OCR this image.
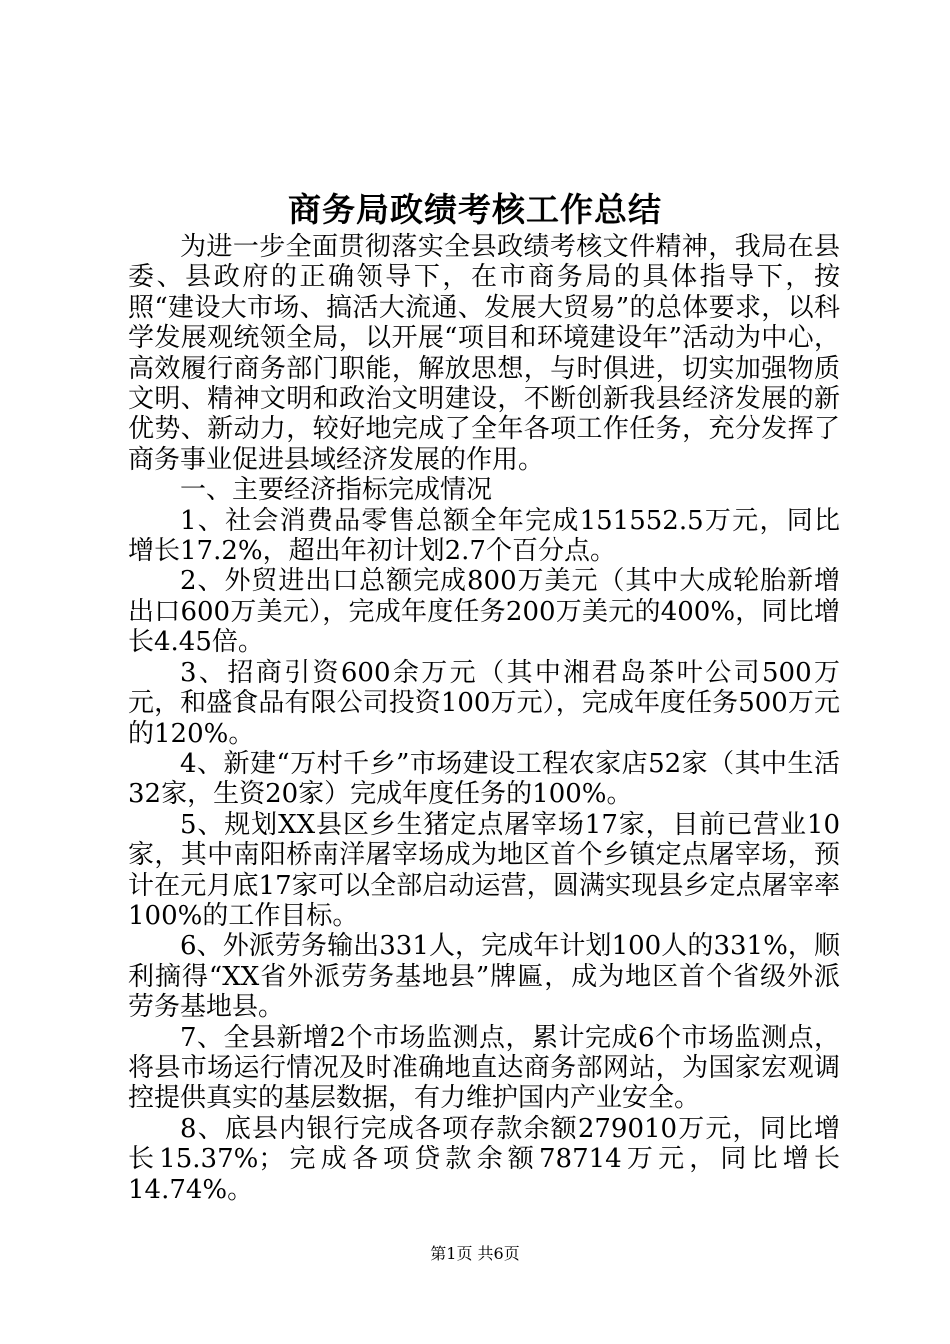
商务局政绩考核工作总结

为进一步全面贯彻落实全县政绩考核文件精神，我局在县委、县政府的正确领导下，在市商务局的具体指导下，按照“建设大市场、搞活大流通、发展大贸易”的总体要求，以科学发展观统领全局，以开展“项目和环境建设年”活动为中心，高效履行商务部门职能，解放思想，与时俱进，切实加强物质文明、精神文明和政治文明建设，不断创新我县经济发展的新优势、新动力，较好地完成了全年各项工作任务，充分发挥了商务事业促进县域经济发展的作用。

一、主要经济指标完成情况

1、社会消费品零售总额全年完成151552.5万元，同比增长17.2%，超出年初计划2.7个百分点。

2、外贸进出口总额完成800万美元（其中大成轮胎新增出口600万美元），完成年度任务200万美元的400%，同比增长4.45倍。

3、招商引资600余万元（其中湘君岛茶叶公司500万元，和盛食品有限公司投资100万元），完成年度任务500万元的120%。

4、新建“万村千乡”市场建设工程农家店52家（其中生活32家，生资20家）完成年度任务的100%。

5、规划XX县区乡生猪定点屠宰场17家，目前已营业10家，其中南阳桥南洋屠宰场成为地区首个乡镇定点屠宰场，预计在元月底17家可以全部启动运营，圆满实现县乡定点屠宰率100%的工作目标。

6、外派劳务输出331人，完成年计划100人的331%，顺利摘得“XX省外派劳务基地县”牌匾，成为地区首个省级外派劳务基地县。

7、全县新增2个市场监测点，累计完成6个市场监测点，将县市场运行情况及时准确地直达商务部网站，为国家宏观调控提供真实的基层数据，有力维护国内产业安全。

8、底县内银行完成各项存款余额279010万元，同比增长15.37%；完成各项贷款余额78714万元，同比增长14.74%。

第1页 共6页
